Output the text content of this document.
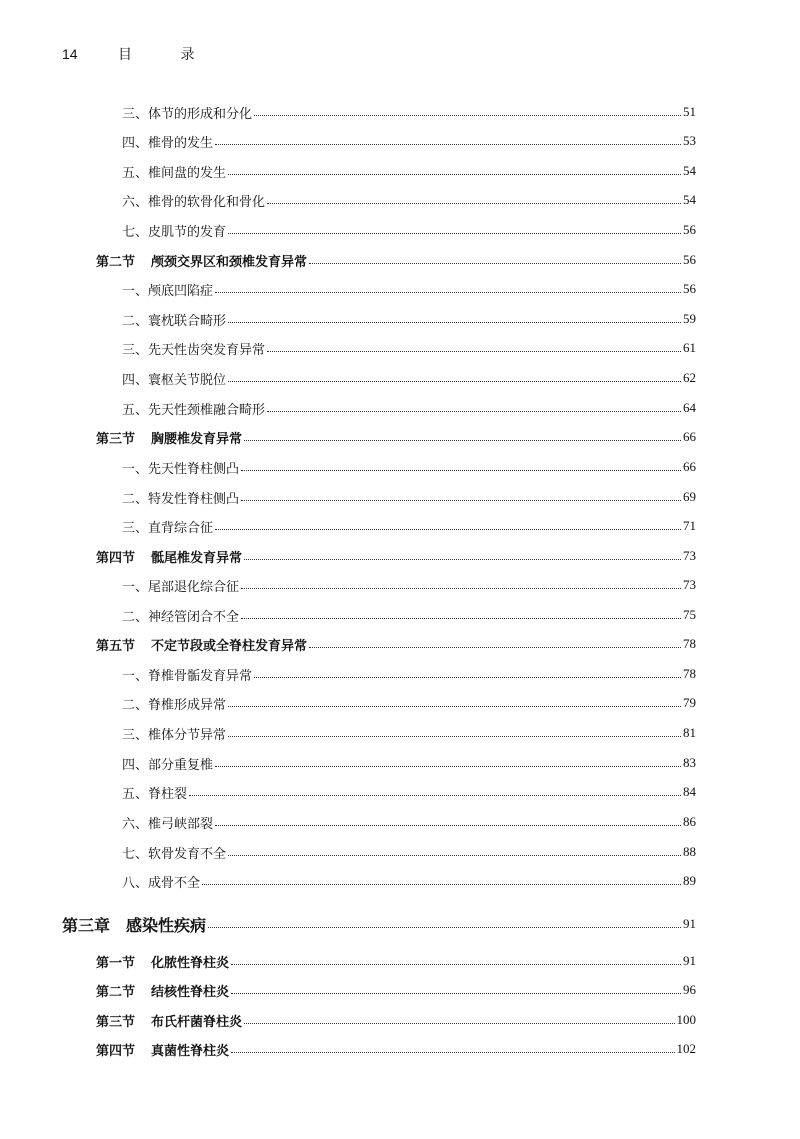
14	目 录
三、体节的形成和分化	51
四、椎骨的发生	53
五、椎间盘的发生	54
六、椎骨的软骨化和骨化	54
七、皮肌节的发育	56
第二节 颅颈交界区和颈椎发育异常	56
一、颅底凹陷症	56
二、寰枕联合畸形	59
三、先天性齿突发育异常	61
四、寰枢关节脱位	62
五、先天性颈椎融合畸形	64
第三节 胸腰椎发育异常	66
一、先天性脊柱侧凸	66
二、特发性脊柱侧凸	69
三、直背综合征	71
第四节 骶尾椎发育异常	73
一、尾部退化综合征	73
二、神经管闭合不全	75
第五节 不定节段或全脊柱发育异常	78
一、脊椎骨骺发育异常	78
二、脊椎形成异常	79
三、椎体分节异常	81
四、部分重复椎	83
五、脊柱裂	84
六、椎弓峡部裂	86
七、软骨发育不全	88
八、成骨不全	89
第三章 感染性疾病	91
第一节 化脓性脊柱炎	91
第二节 结核性脊柱炎	96
第三节 布氏杆菌脊柱炎	100
第四节 真菌性脊柱炎	102
